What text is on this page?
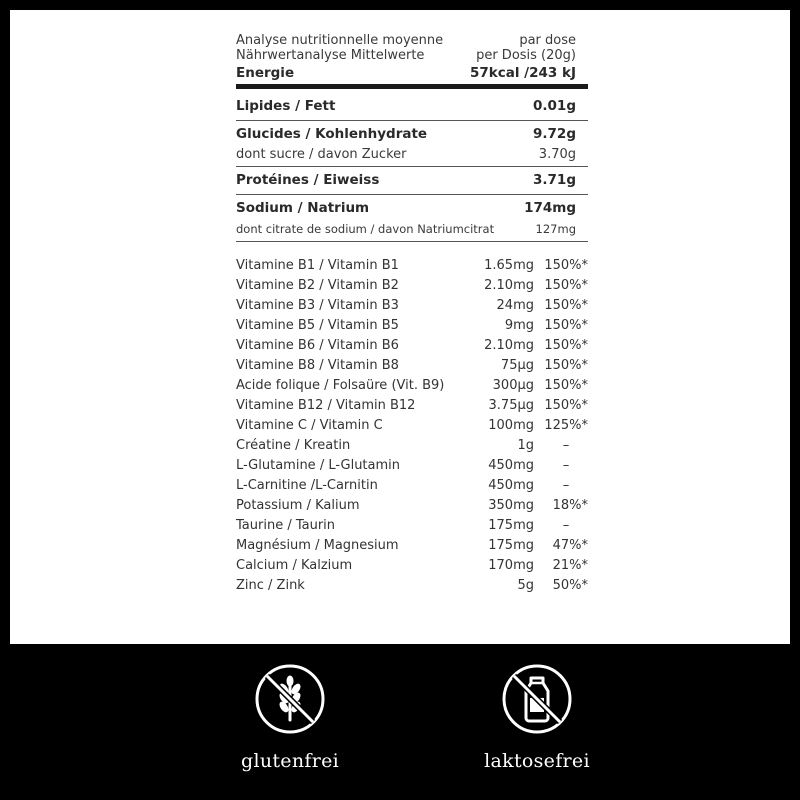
Analyse nutritionnelle moyenne
Nährwertanalyse Mittelwerte
par dose
per Dosis (20g)
Energie	57kcal /243 kJ
Lipides / Fett	0.01g
Glucides / Kohlenhydrate	9.72g
dont sucre / davon Zucker	3.70g
Protéines / Eiweiss	3.71g
Sodium / Natrium	174mg
dont citrate de sodium / davon Natriumcitrat	127mg
Vitamine B1 / Vitamin B1	1.65mg 150%*
Vitamine B2 / Vitamin B2	2.10mg 150%*
Vitamine B3 / Vitamin B3	24mg 150%*
Vitamine B5 / Vitamin B5	9mg 150%*
Vitamine B6 / Vitamin B6	2.10mg 150%*
Vitamine B8 / Vitamin B8	75µg 150%*
Acide folique / Folsaüre (Vit. B9)	300µg 150%*
Vitamine B12 / Vitamin B12	3.75µg 150%*
Vitamine C / Vitamin C	100mg 125%*
Créatine / Kreatin	1g	–
L-Glutamine / L-Glutamin	450mg	–
L-Carnitine /L-Carnitin	450mg	–
Potassium / Kalium	350mg	18%*
Taurine / Taurin	175mg	–
Magnésium / Magnesium	175mg	47%*
Calcium / Kalzium	170mg	21%*
Zinc / Zink	5g	50%*
glutenfrei	laktosefrei
